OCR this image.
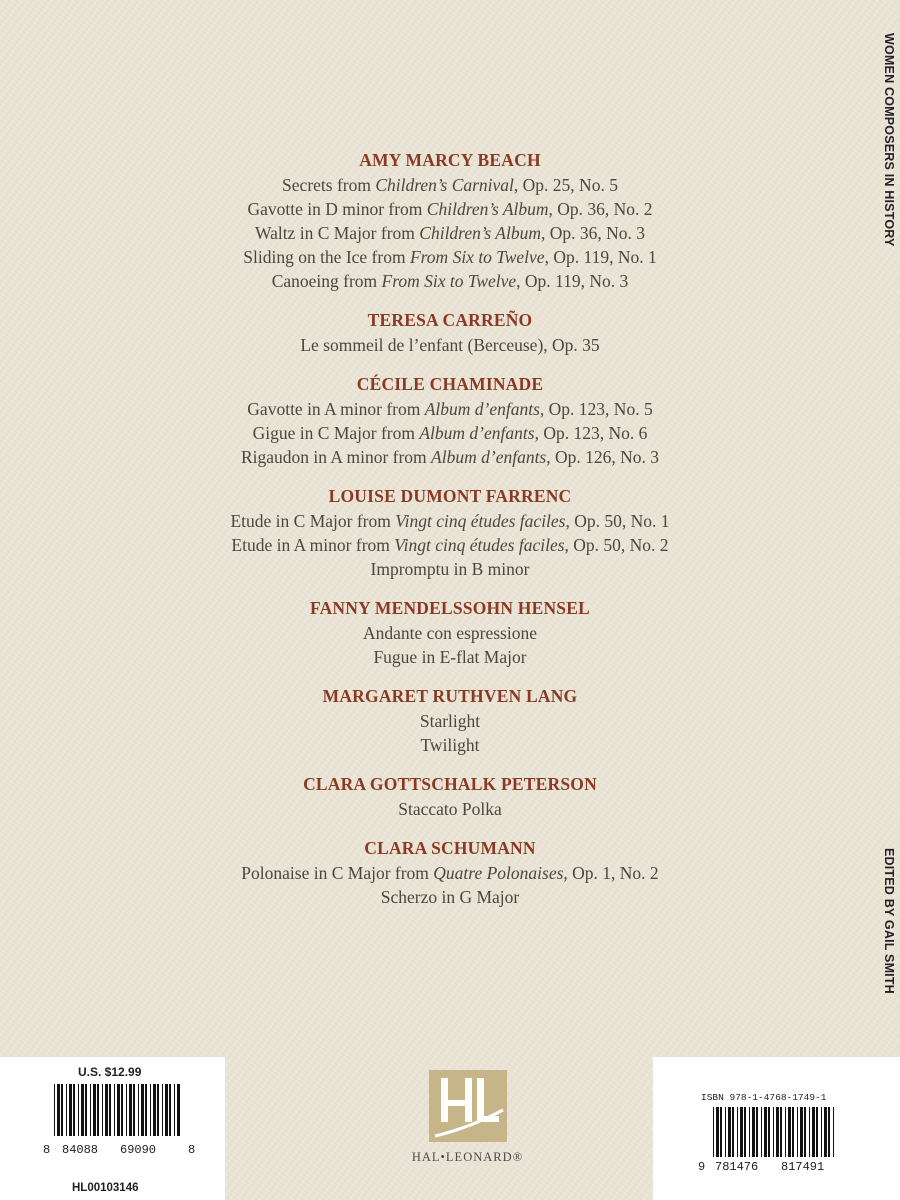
WOMEN COMPOSERS IN HISTORY
EDITED BY GAIL SMITH

AMY MARCY BEACH

Secrets from Children’s Carnival, Op. 25, No. 5

Gavotte in D minor from Children’s Album, Op. 36, No. 2

Waltz in C Major from Children’s Album, Op. 36, No. 3

Sliding on the Ice from From Six to Twelve, Op. 119, No. 1

Canoeing from From Six to Twelve, Op. 119, No. 3

TERESA CARREÑO

Le sommeil de l’enfant (Berceuse), Op. 35

CÉCILE CHAMINADE

Gavotte in A minor from Album d’enfants, Op. 123, No. 5

Gigue in C Major from Album d’enfants, Op. 123, No. 6

Rigaudon in A minor from Album d’enfants, Op. 126, No. 3

LOUISE DUMONT FARRENC

Etude in C Major from Vingt cinq études faciles, Op. 50, No. 1

Etude in A minor from Vingt cinq études faciles, Op. 50, No. 2

Impromptu in B minor

FANNY MENDELSSOHN HENSEL

Andante con espressione

Fugue in E-flat Major

MARGARET RUTHVEN LANG

Starlight

Twilight

CLARA GOTTSCHALK PETERSON

Staccato Polka

CLARA SCHUMANN

Polonaise in C Major from Quatre Polonaises, Op. 1, No. 2

Scherzo in G Major

U.S. $12.99
8 84088 69090	8
HL00103146
HAL•LEONARD®
ISBN 978-1-4768-1749-1
9 781476 817491
